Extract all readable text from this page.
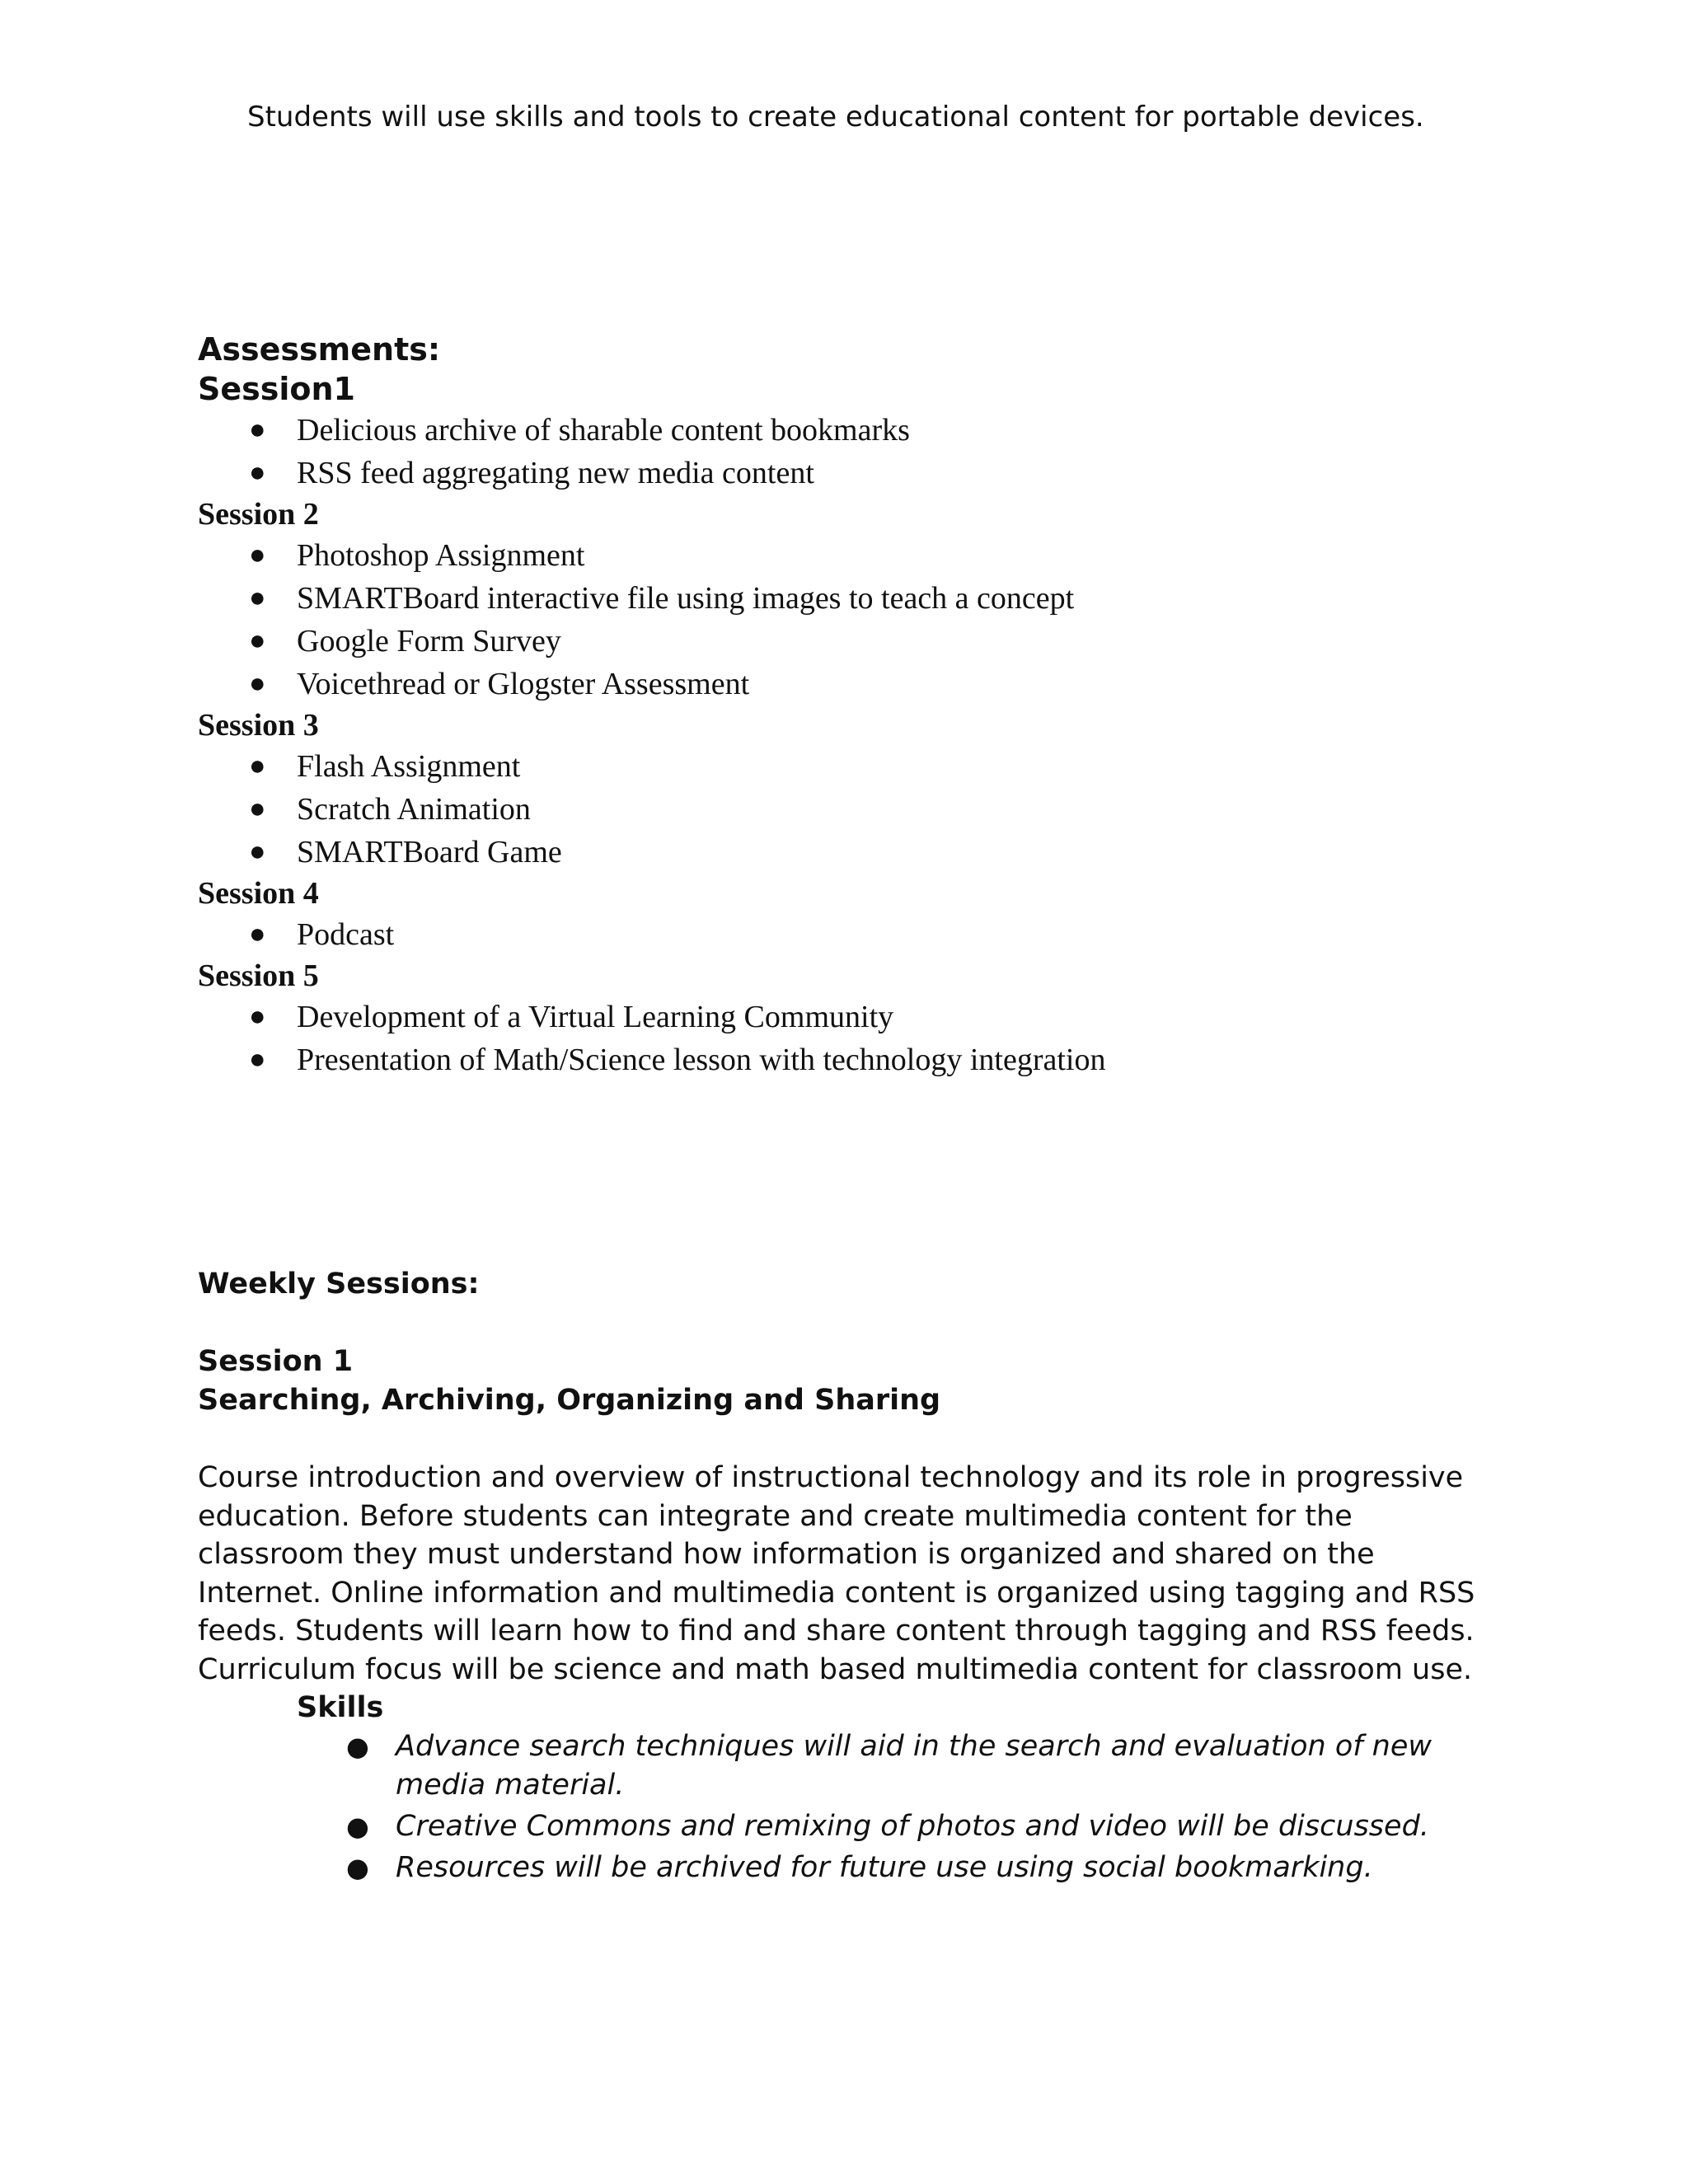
Students will use skills and tools to create educational content for portable devices.

Assessments:

Session1

● Delicious archive of sharable content bookmarks
● RSS feed aggregating new media content

Session 2

● Photoshop Assignment
● SMARTBoard interactive file using images to teach a concept
● Google Form Survey
● Voicethread or Glogster Assessment

Session 3

● Flash Assignment
● Scratch Animation
● SMARTBoard Game

Session 4

● Podcast

Session 5

● Development of a Virtual Learning Community
● Presentation of Math/Science lesson with technology integration

Weekly Sessions:

Session 1

Searching, Archiving, Organizing and Sharing

Course introduction and overview of instructional technology and its role in progressive education. Before students can integrate and create multimedia content for the classroom they must understand how information is organized and shared on the Internet. Online information and multimedia content is organized using tagging and RSS feeds. Students will learn how to find and share content through tagging and RSS feeds. Curriculum focus will be science and math based multimedia content for classroom use.

Skills

● Advance search techniques will aid in the search and evaluation of new media material.
● Creative Commons and remixing of photos and video will be discussed.
● Resources will be archived for future use using social bookmarking.
